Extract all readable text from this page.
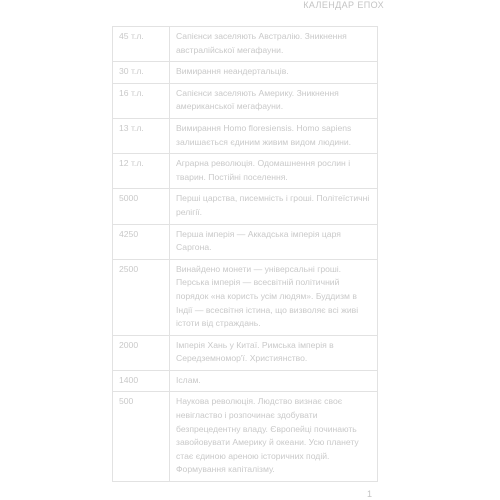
КАЛЕНДАР ЕПОХ
45 т.л.	Сапієнси заселяють Австралію. Зникнення австралійської мегафауни.
30 т.л.	Вимирання неандертальців.
16 т.л.	Сапієнси заселяють Америку. Зникнення американської мегафауни.
13 т.л.	Вимирання Homo floresiensis. Homo sapiens залишається єдиним живим видом людини.
12 т.л.	Аграрна революція. Одомашнення рослин і тварин. Постійні поселення.
5000	Перші царства, писемність і гроші. Політеїстичні релігії.
4250	Перша імперія — Аккадська імперія царя Саргона.
2500	Винайдено монети — універсальні гроші. Перська імперія — всесвітній політичний порядок «на користь усім людям». Буддизм в Індії — всесвітня істина, що визволяє всі живі істоти від страждань.
2000	Імперія Хань у Китаї. Римська імперія в Середземномор'ї. Християнство.
1400	Іслам.
500	Наукова революція. Людство визнає своє невігластво і розпочинає здобувати безпрецедентну владу. Європейці починають завойовувати Америку й океани. Усю планету стає єдиною ареною історичних подій. Формування капіталізму.
1
